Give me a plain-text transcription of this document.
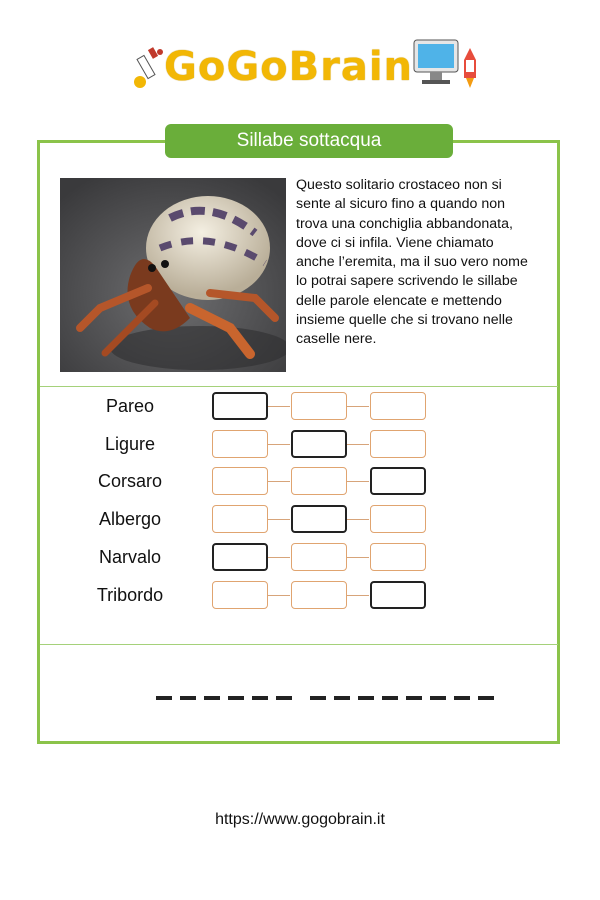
GoGoBrain
Sillabe sottacqua
Questo solitario crostaceo non si sente al sicuro fino a quando non trova una conchiglia abbandonata, dove ci si infila. Viene chiamato anche l’eremita, ma il suo vero nome lo potrai sapere scrivendo le sillabe delle parole elencate e mettendo insieme quelle che si trovano nelle caselle nere.
Pareo
Ligure
Corsaro
Albergo
Narvalo
Tribordo
https://www.gogobrain.it
